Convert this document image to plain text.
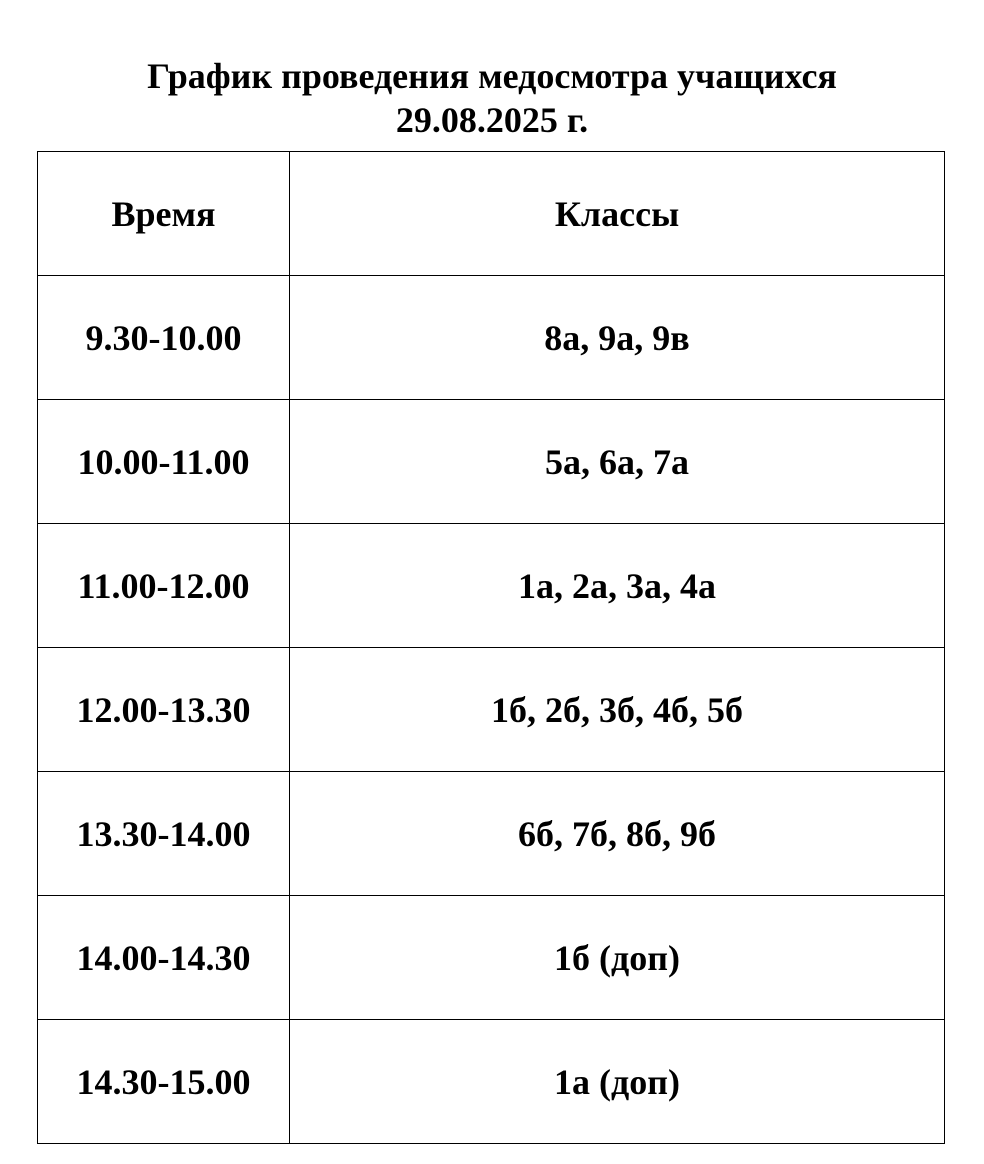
График проведения медосмотра учащихся
29.08.2025 г.
Время	Классы
9.30-10.00	8а, 9а, 9в
10.00-11.00	5а, 6а, 7а
11.00-12.00	1а, 2а, 3а, 4а
12.00-13.30	1б, 2б, 3б, 4б, 5б
13.30-14.00	6б, 7б, 8б, 9б
14.00-14.30	1б (доп)
14.30-15.00	1а (доп)
